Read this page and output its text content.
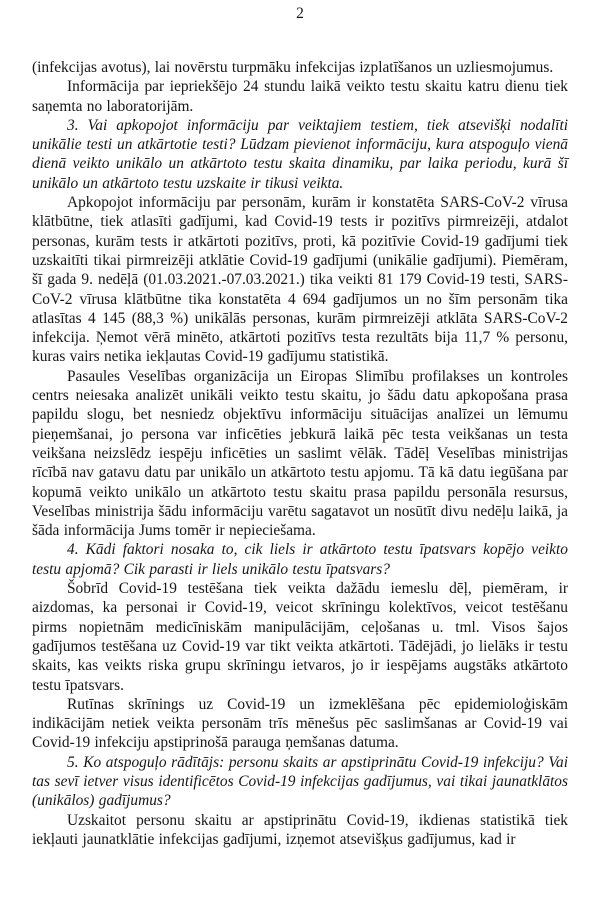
2

(infekcijas avotus), lai novērstu turpmāku infekcijas izplatīšanos un uzliesmojumus.

Informācija par iepriekšējo 24 stundu laikā veikto testu skaitu katru dienu tiek saņemta no laboratorijām.

3. Vai apkopojot informāciju par veiktajiem testiem, tiek atsevišķi nodalīti unikālie testi un atkārtotie testi? Lūdzam pievienot informāciju, kura atspoguļo vienā dienā veikto unikālo un atkārtoto testu skaita dinamiku, par laika periodu, kurā šī unikālo un atkārtoto testu uzskaite ir tikusi veikta.

Apkopojot informāciju par personām, kurām ir konstatēta SARS-CoV-2 vīrusa klātbūtne, tiek atlasīti gadījumi, kad Covid-19 tests ir pozitīvs pirmreizēji, atdalot personas, kurām tests ir atkārtoti pozitīvs, proti, kā pozitīvie Covid-19 gadījumi tiek uzskaitīti tikai pirmreizēji atklātie Covid-19 gadījumi (unikālie gadījumi). Piemēram, šī gada 9. nedēļā (01.03.2021.-07.03.2021.) tika veikti 81 179 Covid-19 testi, SARS-CoV-2 vīrusa klātbūtne tika konstatēta 4 694 gadījumos un no šīm personām tika atlasītas 4 145 (88,3 %) unikālās personas, kurām pirmreizēji atklāta SARS-CoV-2 infekcija. Ņemot vērā minēto, atkārtoti pozitīvs testa rezultāts bija 11,7 % personu, kuras vairs netika iekļautas Covid-19 gadījumu statistikā.

Pasaules Veselības organizācija un Eiropas Slimību profilakses un kontroles centrs neiesaka analizēt unikāli veikto testu skaitu, jo šādu datu apkopošana prasa papildu slogu, bet nesniedz objektīvu informāciju situācijas analīzei un lēmumu pieņemšanai, jo persona var inficēties jebkurā laikā pēc testa veikšanas un testa veikšana neizslēdz iespēju inficēties un saslimt vēlāk. Tādēļ Veselības ministrijas rīcībā nav gatavu datu par unikālo un atkārtoto testu apjomu. Tā kā datu iegūšana par kopumā veikto unikālo un atkārtoto testu skaitu prasa papildu personāla resursus, Veselības ministrija šādu informāciju varētu sagatavot un nosūtīt divu nedēļu laikā, ja šāda informācija Jums tomēr ir nepieciešama.

4. Kādi faktori nosaka to, cik liels ir atkārtoto testu īpatsvars kopējo veikto testu apjomā? Cik parasti ir liels unikālo testu īpatsvars?

Šobrīd Covid-19 testēšana tiek veikta dažādu iemeslu dēļ, piemēram, ir aizdomas, ka personai ir Covid-19, veicot skrīningu kolektīvos, veicot testēšanu pirms nopietnām medicīniskām manipulācijām, ceļošanas u. tml. Visos šajos gadījumos testēšana uz Covid-19 var tikt veikta atkārtoti. Tādējādi, jo lielāks ir testu skaits, kas veikts riska grupu skrīningu ietvaros, jo ir iespējams augstāks atkārtoto testu īpatsvars.

Rutīnas skrīnings uz Covid-19 un izmeklēšana pēc epidemioloģiskām indikācijām netiek veikta personām trīs mēnešus pēc saslimšanas ar Covid-19 vai Covid-19 infekciju apstiprinošā parauga ņemšanas datuma.

5. Ko atspoguļo rādītājs: personu skaits ar apstiprinātu Covid-19 infekciju? Vai tas sevī ietver visus identificētos Covid-19 infekcijas gadījumus, vai tikai jaunatklātos (unikālos) gadījumus?

Uzskaitot personu skaitu ar apstiprinātu Covid-19, ikdienas statistikā tiek iekļauti jaunatklātie infekcijas gadījumi, izņemot atsevišķus gadījumus, kad ir
